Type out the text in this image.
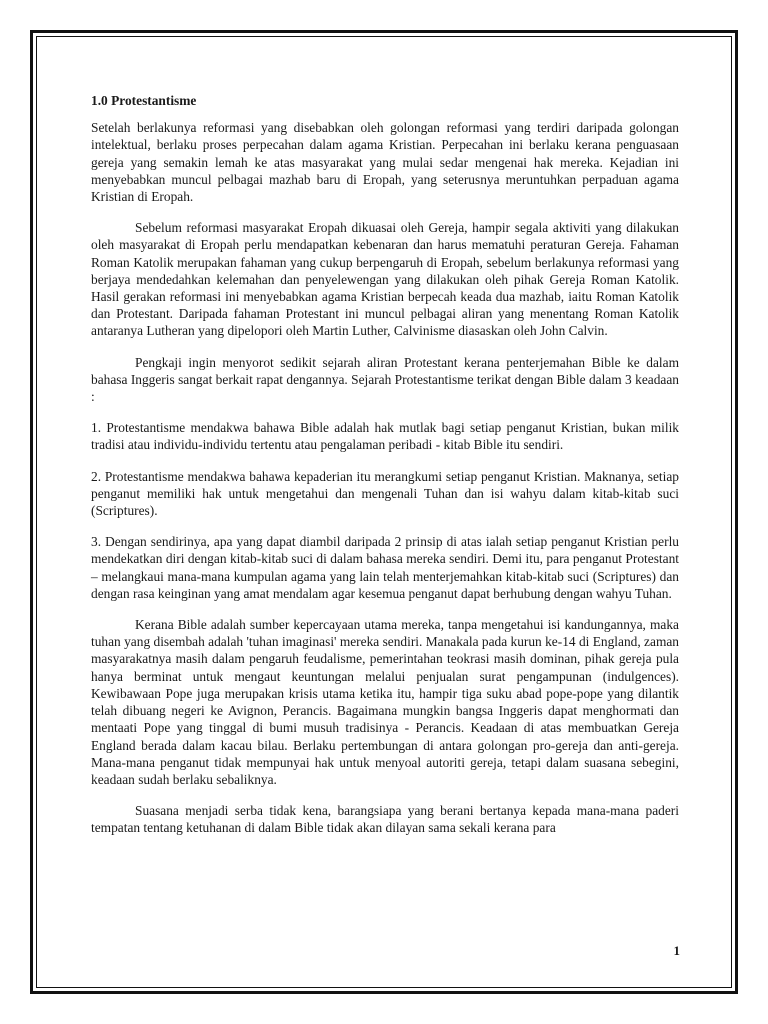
1.0 Protestantisme

Setelah berlakunya reformasi yang disebabkan oleh golongan reformasi yang terdiri daripada golongan intelektual, berlaku proses perpecahan dalam agama Kristian. Perpecahan ini berlaku kerana penguasaan gereja yang semakin lemah ke atas masyarakat yang mulai sedar mengenai hak mereka. Kejadian ini menyebabkan muncul pelbagai mazhab baru di Eropah, yang seterusnya meruntuhkan perpaduan agama Kristian di Eropah.

Sebelum reformasi masyarakat Eropah dikuasai oleh Gereja, hampir segala aktiviti yang dilakukan oleh masyarakat di Eropah perlu mendapatkan kebenaran dan harus mematuhi peraturan Gereja. Fahaman Roman Katolik merupakan fahaman yang cukup berpengaruh di Eropah, sebelum berlakunya reformasi yang berjaya mendedahkan kelemahan dan penyelewengan yang dilakukan oleh pihak Gereja Roman Katolik. Hasil gerakan reformasi ini menyebabkan agama Kristian berpecah keada dua mazhab, iaitu Roman Katolik dan Protestant. Daripada fahaman Protestant ini muncul pelbagai aliran yang menentang Roman Katolik antaranya Lutheran yang dipelopori oleh Martin Luther, Calvinisme diasaskan oleh John Calvin.

Pengkaji ingin menyorot sedikit sejarah aliran Protestant kerana penterjemahan Bible ke dalam bahasa Inggeris sangat berkait rapat dengannya. Sejarah Protestantisme terikat dengan Bible dalam 3 keadaan :

1. Protestantisme mendakwa bahawa Bible adalah hak mutlak bagi setiap penganut Kristian, bukan milik tradisi atau individu-individu tertentu atau pengalaman peribadi - kitab Bible itu sendiri.

2. Protestantisme mendakwa bahawa kepaderian itu merangkumi setiap penganut Kristian. Maknanya, setiap penganut memiliki hak untuk mengetahui dan mengenali Tuhan dan isi wahyu dalam kitab-kitab suci (Scriptures).

3. Dengan sendirinya, apa yang dapat diambil daripada 2 prinsip di atas ialah setiap penganut Kristian perlu mendekatkan diri dengan kitab-kitab suci di dalam bahasa mereka sendiri. Demi itu, para penganut Protestant – melangkaui mana-mana kumpulan agama yang lain telah menterjemahkan kitab-kitab suci (Scriptures) dan dengan rasa keinginan yang amat mendalam agar kesemua penganut dapat berhubung dengan wahyu Tuhan.

Kerana Bible adalah sumber kepercayaan utama mereka, tanpa mengetahui isi kandungannya, maka tuhan yang disembah adalah 'tuhan imaginasi' mereka sendiri. Manakala pada kurun ke-14 di England, zaman masyarakatnya masih dalam pengaruh feudalisme, pemerintahan teokrasi masih dominan, pihak gereja pula hanya berminat untuk mengaut keuntungan melalui penjualan surat pengampunan (indulgences). Kewibawaan Pope juga merupakan krisis utama ketika itu, hampir tiga suku abad pope-pope yang dilantik telah dibuang negeri ke Avignon, Perancis. Bagaimana mungkin bangsa Inggeris dapat menghormati dan mentaati Pope yang tinggal di bumi musuh tradisinya - Perancis. Keadaan di atas membuatkan Gereja England berada dalam kacau bilau. Berlaku pertembungan di antara golongan pro-gereja dan anti-gereja. Mana-mana penganut tidak mempunyai hak untuk menyoal autoriti gereja, tetapi dalam suasana sebegini, keadaan sudah berlaku sebaliknya.

Suasana menjadi serba tidak kena, barangsiapa yang berani bertanya kepada mana-mana paderi tempatan tentang ketuhanan di dalam Bible tidak akan dilayan sama sekali kerana para

1
